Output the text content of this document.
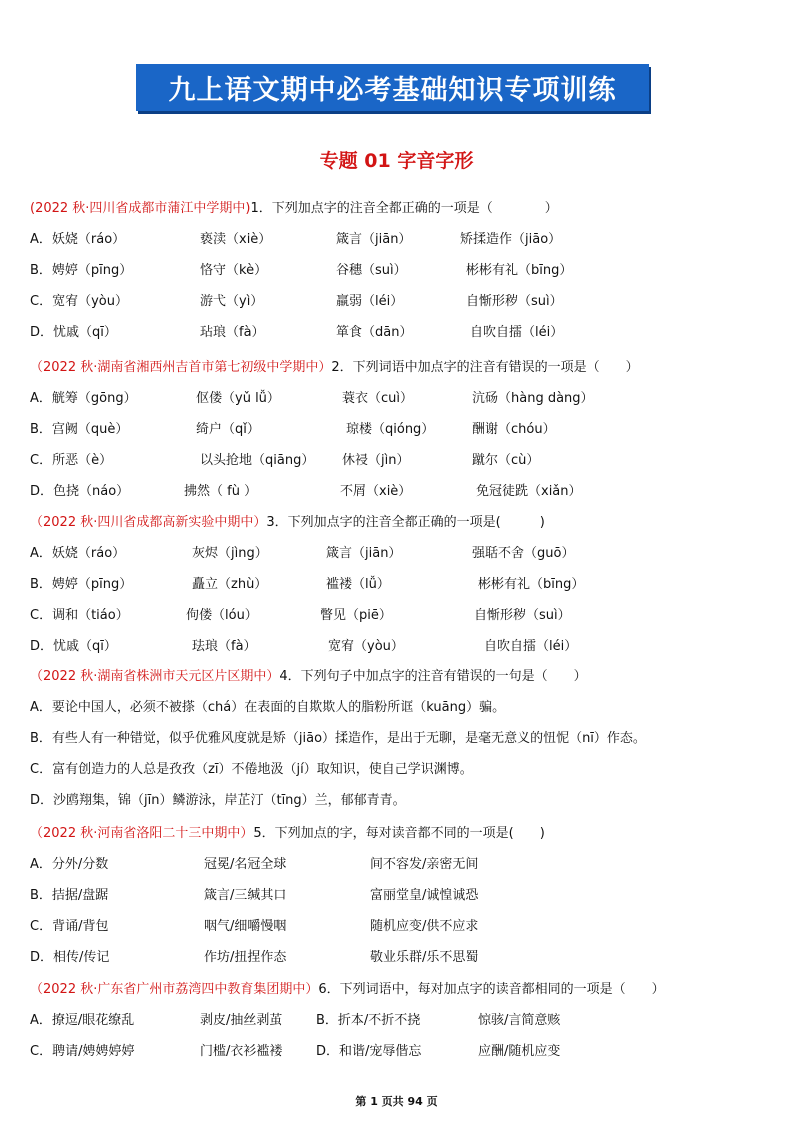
九上语文期中必考基础知识专项训练
专题 01 字音字形
(2022 秋·四川省成都市蒲江中学期中)1．下列加点字的注音全都正确的一项是（　　　　）
A．妖娆（ráo）	亵渎（xiè）	箴言（jiān）	矫揉造作（jiāo）
B．娉婷（pīng）	恪守（kè）	谷穗（suì）	彬彬有礼（bīng）
C．宽宥（yòu）	游弋（yì）	羸弱（léi）	自惭形秽（suì）
D．忧戚（qī）	玷琅（fà）	箪食（dān）	自吹自擂（léi）
（2022 秋·湖南省湘西州吉首市第七初级中学期中）2．下列词语中加点字的注音有错误的一项是（　　）
A．觥筹（gōng）	伛偻（yǔ lǚ）	蓑衣（cuì）	沆砀（hàng dàng）
B．宫阙（què）	绮户（qǐ）	琼楼（qióng）	酬谢（chóu）
C．所恶（è）	以头抢地（qiāng） 休祲（jìn）	蹴尔（cù）
D．色挠（náo）	拂然（ fù ）	不屑（xiè）	免冠徒跣（xiǎn）
（2022 秋·四川省成都高新实验中期中）3．下列加点字的注音全都正确的一项是(　　　)
A．妖娆（ráo）	灰烬（jìng）	箴言（jiān）	强聒不舍（guō）
B．娉婷（pīng）	矗立（zhù）	褴褛（lǚ）	彬彬有礼（bīng）
C．调和（tiáo）	佝偻（lóu）	瞥见（piē）	自惭形秽（suì）
D．忧戚（qī）	珐琅（fà）	宽宥（yòu）	自吹自擂（léi）
（2022 秋·湖南省株洲市天元区片区期中）4．下列句子中加点字的注音有错误的一句是（　　）
A．要论中国人，必须不被搽（chá）在表面的自欺欺人的脂粉所诓（kuāng）骗。
B．有些人有一种错觉，似乎优雅风度就是矫（jiāo）揉造作，是出于无聊，是毫无意义的忸怩（nī）作态。
C．富有创造力的人总是孜孜（zī）不倦地汲（jí）取知识，使自己学识渊博。
D．沙鸥翔集，锦（jīn）鳞游泳，岸芷汀（tīng）兰，郁郁青青。
（2022 秋·河南省洛阳二十三中期中）5．下列加点的字，每对读音都不同的一项是(　　)
A．分外/分数	冠冕/名冠全球	间不容发/亲密无间
B．拮据/盘踞	箴言/三缄其口	富丽堂皇/诚惶诚恐
C．背诵/背包	咽气/细嚼慢咽	随机应变/供不应求
D．相传/传记	作坊/扭捏作态	敬业乐群/乐不思蜀
（2022 秋·广东省广州市荔湾四中教育集团期中）6．下列词语中，每对加点字的读音都相同的一项是（　　）
A．撩逗/眼花缭乱	剥皮/抽丝剥茧	B．折本/不折不挠	惊骇/言简意赅
C．聘请/娉娉婷婷	门槛/衣衫褴褛	D．和谐/宠辱偕忘	应酬/随机应变
第 1 页共 94 页
